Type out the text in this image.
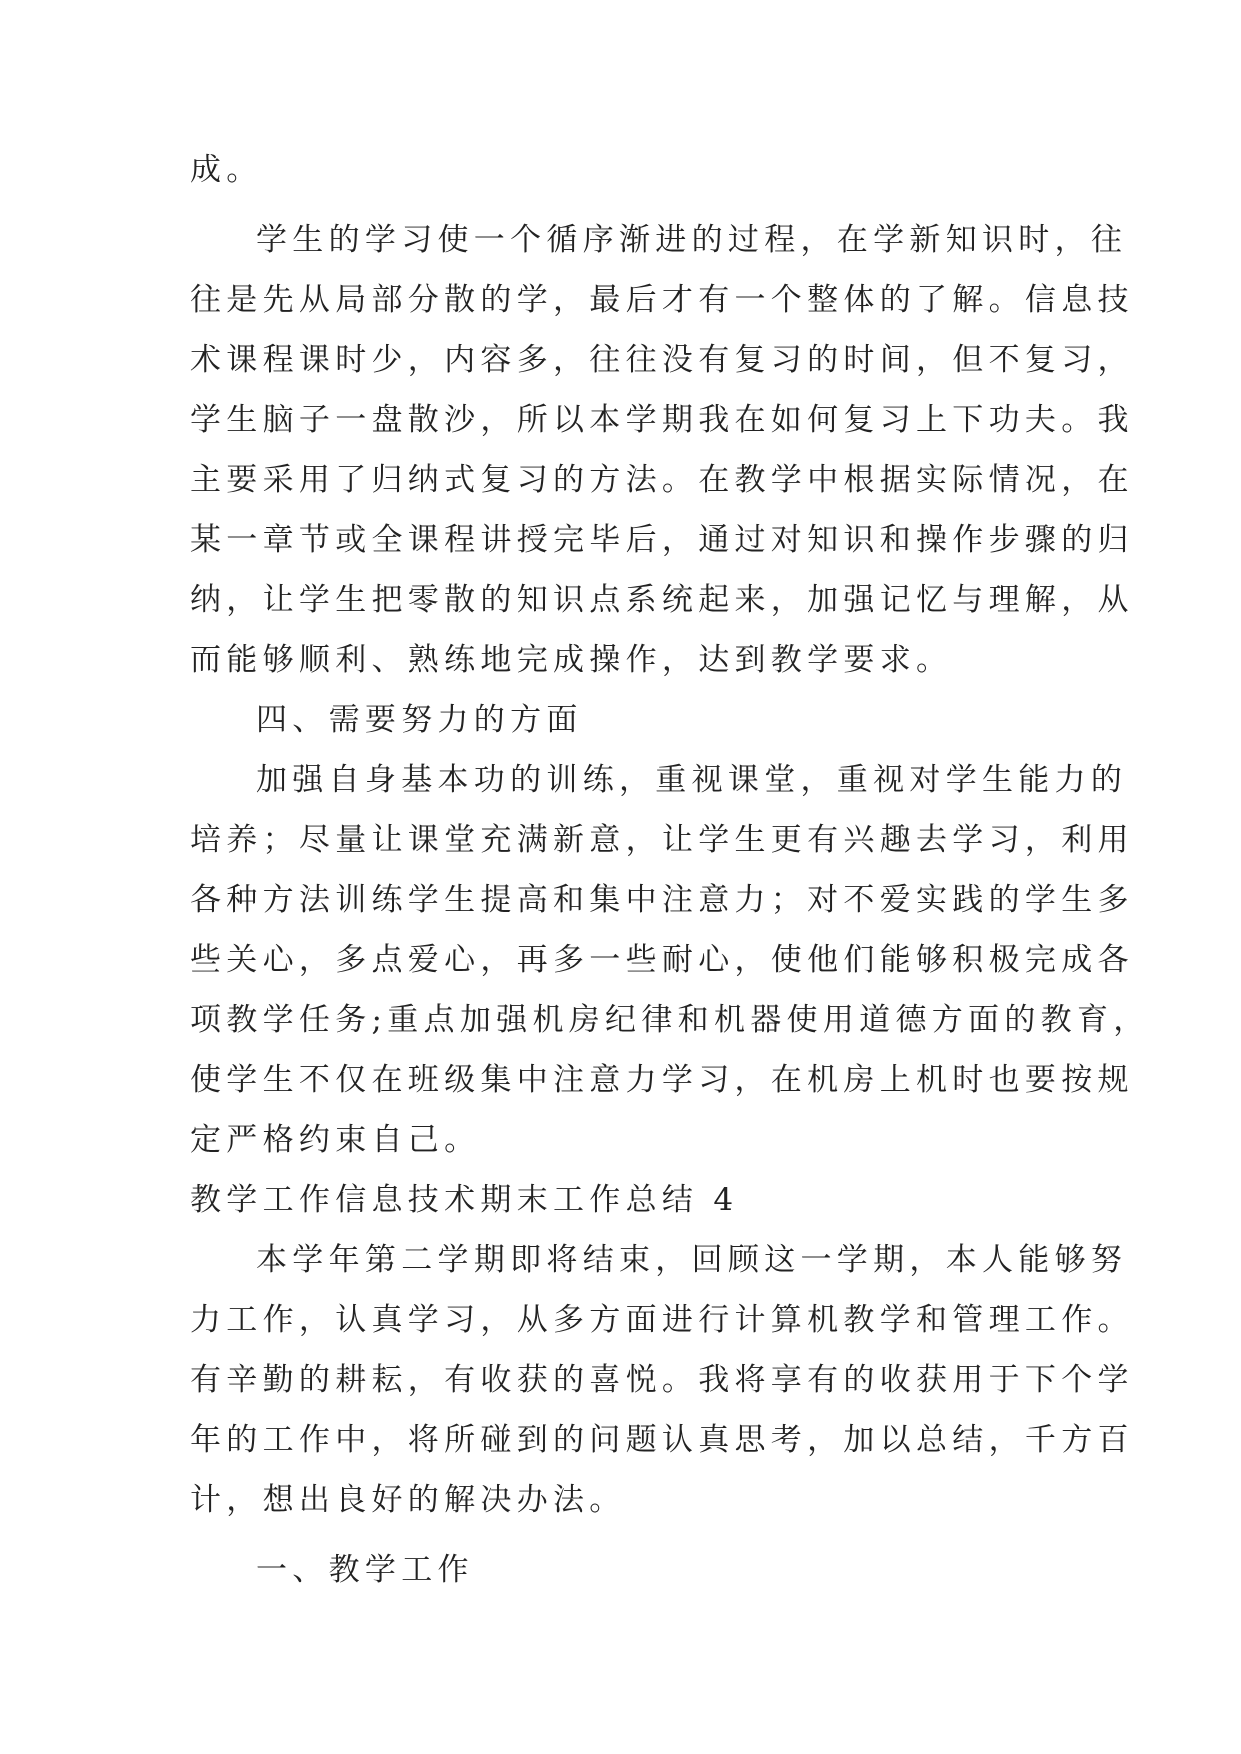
成。

学生的学习使一个循序渐进的过程，在学新知识时，往

往是先从局部分散的学，最后才有一个整体的了解。信息技

术课程课时少，内容多，往往没有复习的时间，但不复习，

学生脑子一盘散沙，所以本学期我在如何复习上下功夫。我

主要采用了归纳式复习的方法。在教学中根据实际情况，在

某一章节或全课程讲授完毕后，通过对知识和操作步骤的归

纳，让学生把零散的知识点系统起来，加强记忆与理解，从

而能够顺利、熟练地完成操作，达到教学要求。

四、需要努力的方面

加强自身基本功的训练，重视课堂，重视对学生能力的

培养；尽量让课堂充满新意，让学生更有兴趣去学习，利用

各种方法训练学生提高和集中注意力；对不爱实践的学生多

些关心，多点爱心，再多一些耐心，使他们能够积极完成各

项教学任务;重点加强机房纪律和机器使用道德方面的教育，

使学生不仅在班级集中注意力学习，在机房上机时也要按规

定严格约束自己。

教学工作信息技术期末工作总结 4

本学年第二学期即将结束，回顾这一学期，本人能够努

力工作，认真学习，从多方面进行计算机教学和管理工作。

有辛勤的耕耘，有收获的喜悦。我将享有的收获用于下个学

年的工作中，将所碰到的问题认真思考，加以总结，千方百

计，想出良好的解决办法。

一、教学工作
